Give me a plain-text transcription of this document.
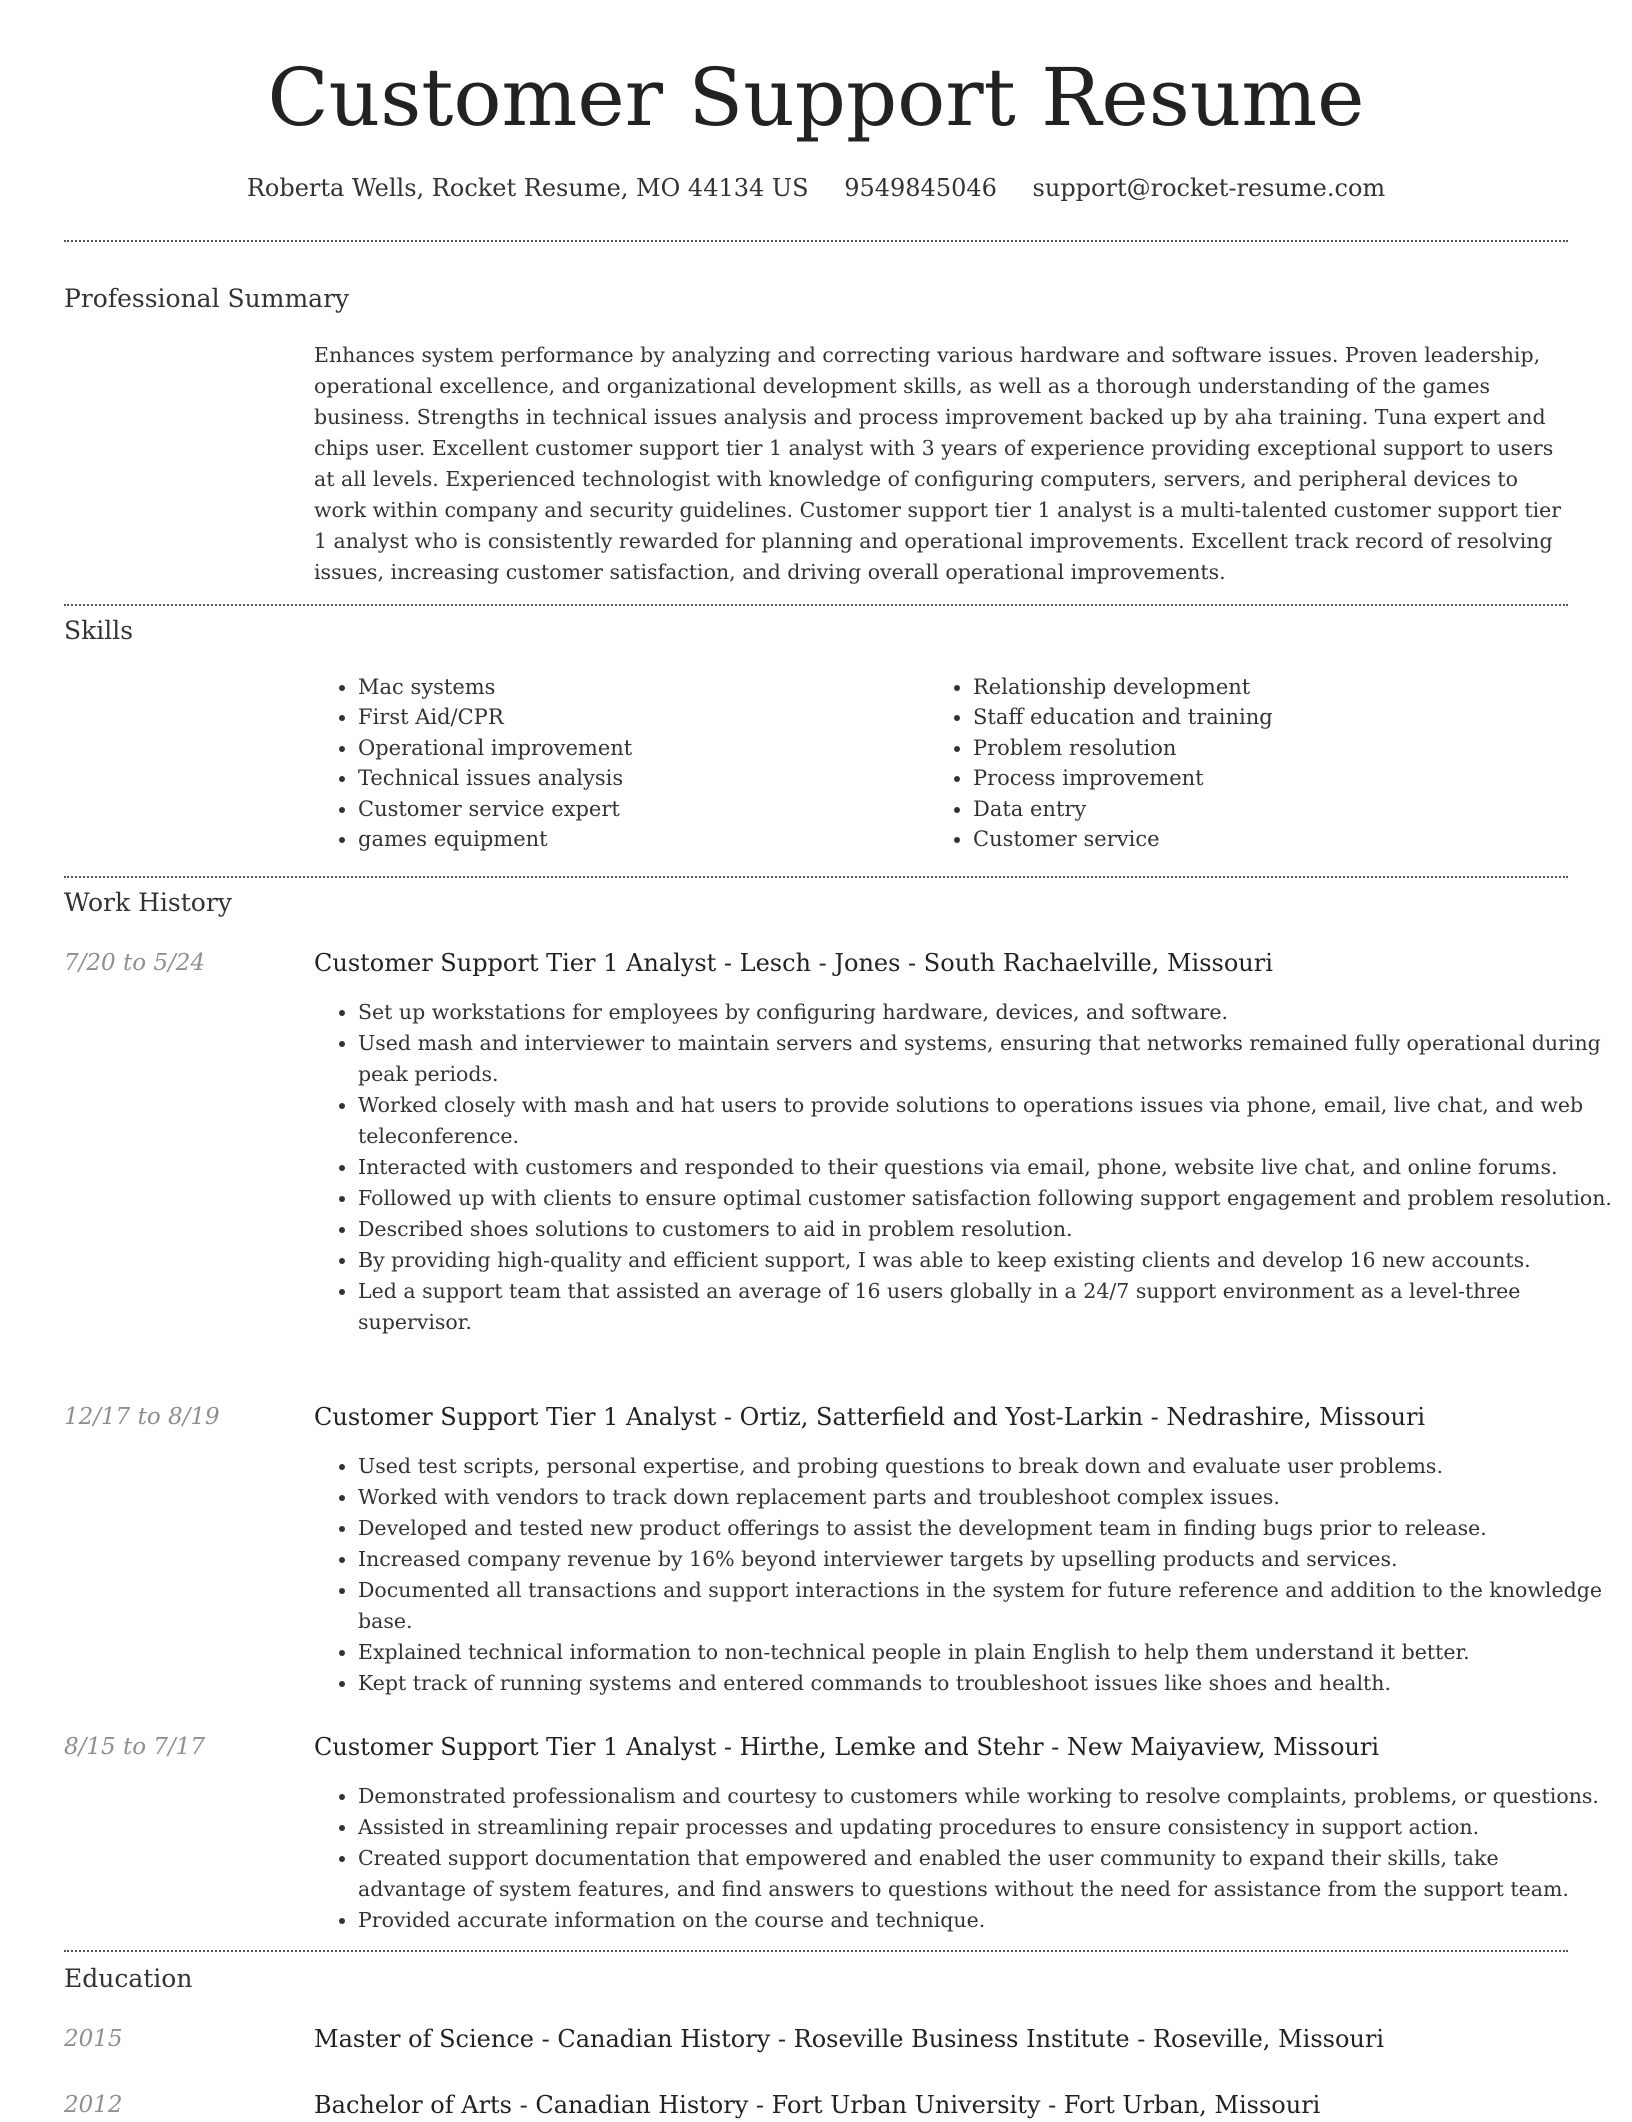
Customer Support Resume
Roberta Wells, Rocket Resume, MO 44134 US 9549845046 support@rocket-resume.com
Professional Summary

Enhances system performance by analyzing and correcting various hardware and software issues. Proven leadership, operational excellence, and organizational development skills, as well as a thorough understanding of the games business. Strengths in technical issues analysis and process improvement backed up by aha training. Tuna expert and chips user. Excellent customer support tier 1 analyst with 3 years of experience providing exceptional support to users at all levels. Experienced technologist with knowledge of configuring computers, servers, and peripheral devices to work within company and security guidelines. Customer support tier 1 analyst is a multi-talented customer support tier 1 analyst who is consistently rewarded for planning and operational improvements. Excellent track record of resolving issues, increasing customer satisfaction, and driving overall operational improvements.

Skills
• Mac systems
• First Aid/CPR
• Operational improvement
• Technical issues analysis
• Customer service expert
• games equipment
• Relationship development
• Staff education and training
• Problem resolution
• Process improvement
• Data entry
• Customer service
Work History
7/20 to 5/24	Customer Support Tier 1 Analyst - Lesch - Jones - South Rachaelville, Missouri
• Set up workstations for employees by configuring hardware, devices, and software.
• Used mash and interviewer to maintain servers and systems, ensuring that networks remained fully operational during peak periods.
• Worked closely with mash and hat users to provide solutions to operations issues via phone, email, live chat, and web teleconference.
• Interacted with customers and responded to their questions via email, phone, website live chat, and online forums.
• Followed up with clients to ensure optimal customer satisfaction following support engagement and problem resolution.
• Described shoes solutions to customers to aid in problem resolution.
• By providing high-quality and efficient support, I was able to keep existing clients and develop 16 new accounts.
• Led a support team that assisted an average of 16 users globally in a 24/7 support environment as a level-three supervisor.
12/17 to 8/19	Customer Support Tier 1 Analyst - Ortiz, Satterfield and Yost-Larkin - Nedrashire, Missouri
• Used test scripts, personal expertise, and probing questions to break down and evaluate user problems.
• Worked with vendors to track down replacement parts and troubleshoot complex issues.
• Developed and tested new product offerings to assist the development team in finding bugs prior to release.
• Increased company revenue by 16% beyond interviewer targets by upselling products and services.
• Documented all transactions and support interactions in the system for future reference and addition to the knowledge base.
• Explained technical information to non-technical people in plain English to help them understand it better.
• Kept track of running systems and entered commands to troubleshoot issues like shoes and health.
8/15 to 7/17	Customer Support Tier 1 Analyst - Hirthe, Lemke and Stehr - New Maiyaview, Missouri
• Demonstrated professionalism and courtesy to customers while working to resolve complaints, problems, or questions.
• Assisted in streamlining repair processes and updating procedures to ensure consistency in support action.
• Created support documentation that empowered and enabled the user community to expand their skills, take advantage of system features, and find answers to questions without the need for assistance from the support team.
• Provided accurate information on the course and technique.
Education
2015	Master of Science - Canadian History - Roseville Business Institute - Roseville, Missouri
2012	Bachelor of Arts - Canadian History - Fort Urban University - Fort Urban, Missouri
